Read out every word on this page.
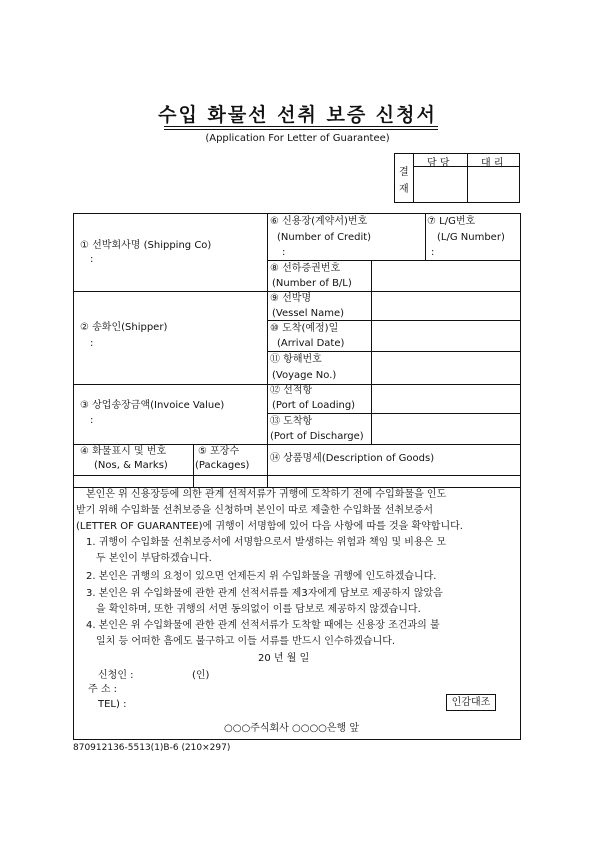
수입 화물선 선취 보증 신청서
(Application For Letter of Guarantee)
결
재
담 당	대 리
① 선박회사명 (Shipping Co)
:
② 송화인(Shipper)
:
③ 상업송장금액(Invoice Value)
:
④ 화물표시 및 번호
(Nos, & Marks)
⑤ 포장수
(Packages)
⑥ 신용장(계약서)번호
(Number of Credit)
:
⑦ L/G번호
(L/G Number)
:
⑧ 선하증권번호
(Number of B/L)
⑨ 선박명
(Vessel Name)
⑩ 도착(예정)일
(Arrival Date)
⑪ 항해번호
(Voyage No.)
⑫ 선적항
(Port of Loading)
⑬ 도착항
(Port of Discharge)
⑭ 상품명세(Description of Goods)
본인은 위 신용장등에 의한 관계 선적서류가 귀행에 도착하기 전에 수입화물을 인도
받기 위해 수입화물 선취보증을 신청하며 본인이 따로 제출한 수입화물 선취보증서
(LETTER OF GUARANTEE)에 귀행이 서명함에 있어 다음 사항에 따를 것을 확약합니다.
1. 귀행이 수입화물 선취보증서에 서명함으로서 발생하는 위험과 책임 및 비용은 모
두 본인이 부담하겠습니다.
2. 본인은 귀행의 요청이 있으면 언제든지 위 수입화물을 귀행에 인도하겠습니다.
3. 본인은 위 수입화물에 관한 관계 선적서류를 제3자에게 담보로 제공하지 않았음
을 확인하며, 또한 귀행의 서면 동의없이 이를 담보로 제공하지 않겠습니다.
4. 본인은 위 수입화물에 관한 관계 선적서류가 도착할 때에는 신용장 조건과의 불
일치 등 어떠한 흠에도 불구하고 이들 서류를 반드시 인수하겠습니다.
20 년 월 일
신청인 :	(인)
주 소 :
TEL) :
○○○주식회사 ○○○○은행 앞
인감대조
870912136-5513(1)B-6 (210×297)
